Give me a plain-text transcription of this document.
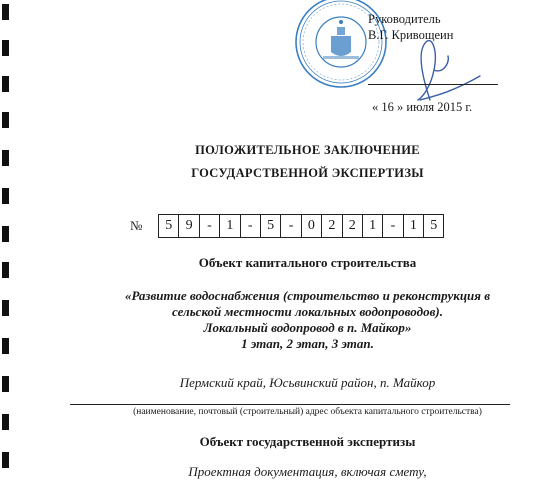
Руководитель
В.Г. Кривощеин
« 16 » июля 2015 г.
ПОЛОЖИТЕЛЬНОЕ ЗАКЛЮЧЕНИЕ
ГОСУДАРСТВЕННОЙ ЭКСПЕРТИЗЫ
№	5 9	-	1	-	5	-	0 2 2 1	-	1 5
Объект капитального строительства
«Развитие водоснабжения (строительство и реконструкция в
сельской местности локальных водопроводов).
Локальный водопровод в п. Майкор»
1 этап, 2 этап, 3 этап.
Пермский край, Юсьвинский район, п. Майкор
(наименование, почтовый (строительный) адрес объекта капитального строительства)
Объект государственной экспертизы
Проектная документация, включая смету,
